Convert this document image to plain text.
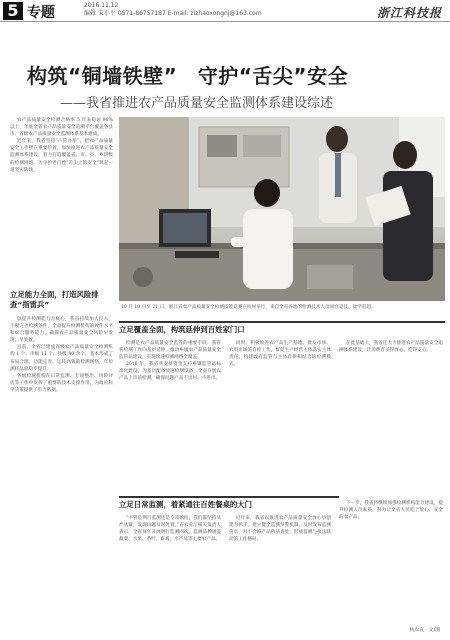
5 专题	2016.11.12
编辑 宋小平 0571-86757187 E-mail: zlzhaoxongnj@163.com	浙江科技报
构筑“铜墙铁壁”　守护“舌尖”安全
——我省推进农产品质量安全监测体系建设综述

农产品质量安全检测合格率 5 年来稳居 98% 以上，年底全省农产品质量安全追溯平台覆盖各县市、省级农产品质量安全监测体系基本建成。

近年来，我省坚持“产管并举”，把农产品质量安全工作摆在重要位置，加快推进农产品质量安全监测体系建设，着力打造覆盖省、市、县、乡四级的检测网络，为守护老百姓“舌尖上的安全”筑起一道坚实防线。

立足能力全面，打造风险排查“指雷兵”

以提升检测能力为核心，我省持续加大投入，不断完善检测条件，全面提升检测机构的硬件水平和综合服务能力，确保农产品质量安全风险早发现、早处置。

目前，全省已建成省级农产品质量安全检测机构 1 个、市级 11 个、县级 80 余个，基本形成了布局合理、功能完善、运转高效的检测网络，年检测样品量稳步提升。

各级检测机构在日常监测、专项整治、风险评估等工作中发挥了重要的技术支撑作用，为政府科学决策提供了有力依据。

10 月 19 日至 21 日，浙江省农产品质量安全检测技能竞赛在杭州举行，来自全省各地的检测技术人员同台竞技、比学赶超。
立足覆盖全面，构筑延伸到百姓家门口

检测是农产品质量安全监管的重要手段。我省将检测工作向基层延伸，推动乡镇农产品质量安全监管站建设，实现快速检测网络全覆盖。

2016 年，我省共安排资金支持乡镇监管站标准化建设，为基层配备快速检测设备，全面开展农产品上市前检测，确保问题产品不出村、不进市。

同时，积极推进农产品生产基地、批发市场、农贸市场的自检工作，督促生产经营主体落实主体责任，构建政府监管与主体自律相结合的检测模式。

在此基础上，我省还大力推进农产品质量安全追溯体系建设，让消费者买得放心、吃得安心。

立足日常监测，着紧通往百姓餐桌的大门

“不管是例行监测还是专项抽检，我们都坚持从严从紧，发现问题及时处置。”省农业厅相关负责人表示，全省每年开展例行监测四次，监测品种涵盖蔬菜、水果、茶叶、畜禽、水产品等主要农产品。

近年来，我省以推进农产品质量安全放心县创建为抓手，建立健全监测预警机制，及时发布监测信息，对不合格产品依法查处，形成监测与执法联动的工作格局。

下一步，我省将继续加强检测机构能力建设，提升检测人员素质，努力让全省人民吃上放心、安全的农产品。

杭农宣　文/图
